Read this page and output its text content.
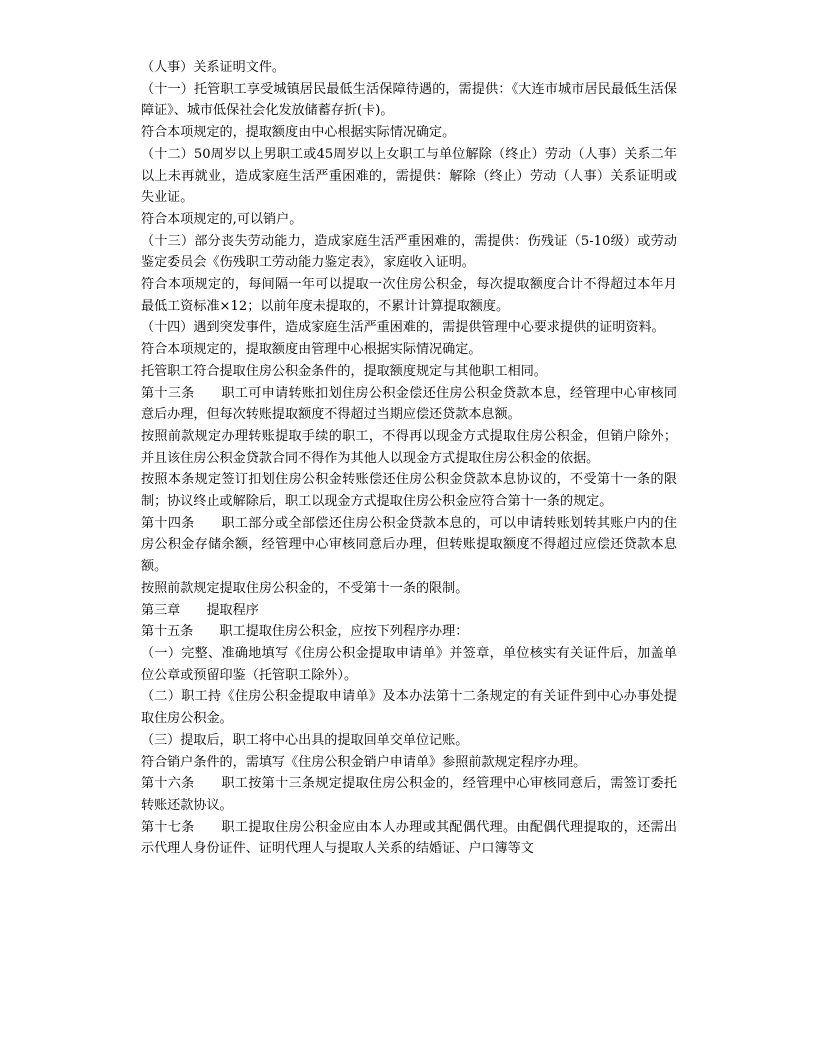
（人事）关系证明文件。

（十一）托管职工享受城镇居民最低生活保障待遇的，需提供：《大连市城市居民最低生活保障证》、城市低保社会化发放储蓄存折(卡)。

符合本项规定的，提取额度由中心根据实际情况确定。

（十二）50周岁以上男职工或45周岁以上女职工与单位解除（终止）劳动（人事）关系二年以上未再就业，造成家庭生活严重困难的，需提供：解除（终止）劳动（人事）关系证明或失业证。

符合本项规定的,可以销户。

（十三）部分丧失劳动能力，造成家庭生活严重困难的，需提供：伤残证（5-10级）或劳动鉴定委员会《伤残职工劳动能力鉴定表》，家庭收入证明。

符合本项规定的，每间隔一年可以提取一次住房公积金，每次提取额度合计不得超过本年月最低工资标准×12；以前年度未提取的，不累计计算提取额度。

（十四）遇到突发事件，造成家庭生活严重困难的，需提供管理中心要求提供的证明资料。

符合本项规定的，提取额度由管理中心根据实际情况确定。

托管职工符合提取住房公积金条件的，提取额度规定与其他职工相同。

第十三条　　职工可申请转账扣划住房公积金偿还住房公积金贷款本息，经管理中心审核同意后办理，但每次转账提取额度不得超过当期应偿还贷款本息额。

按照前款规定办理转账提取手续的职工，不得再以现金方式提取住房公积金，但销户除外；并且该住房公积金贷款合同不得作为其他人以现金方式提取住房公积金的依据。

按照本条规定签订扣划住房公积金转账偿还住房公积金贷款本息协议的，不受第十一条的限制；协议终止或解除后，职工以现金方式提取住房公积金应符合第十一条的规定。

第十四条　　职工部分或全部偿还住房公积金贷款本息的，可以申请转账划转其账户内的住房公积金存储余额，经管理中心审核同意后办理，但转账提取额度不得超过应偿还贷款本息额。

按照前款规定提取住房公积金的，不受第十一条的限制。

第三章　　提取程序

第十五条　　职工提取住房公积金，应按下列程序办理：

（一）完整、准确地填写《住房公积金提取申请单》并签章，单位核实有关证件后，加盖单位公章或预留印鉴（托管职工除外）。

（二）职工持《住房公积金提取申请单》及本办法第十二条规定的有关证件到中心办事处提取住房公积金。

（三）提取后，职工将中心出具的提取回单交单位记账。

符合销户条件的，需填写《住房公积金销户申请单》参照前款规定程序办理。

第十六条　　职工按第十三条规定提取住房公积金的，经管理中心审核同意后，需签订委托转账还款协议。

第十七条　　职工提取住房公积金应由本人办理或其配偶代理。由配偶代理提取的，还需出示代理人身份证件、证明代理人与提取人关系的结婚证、户口簿等文
